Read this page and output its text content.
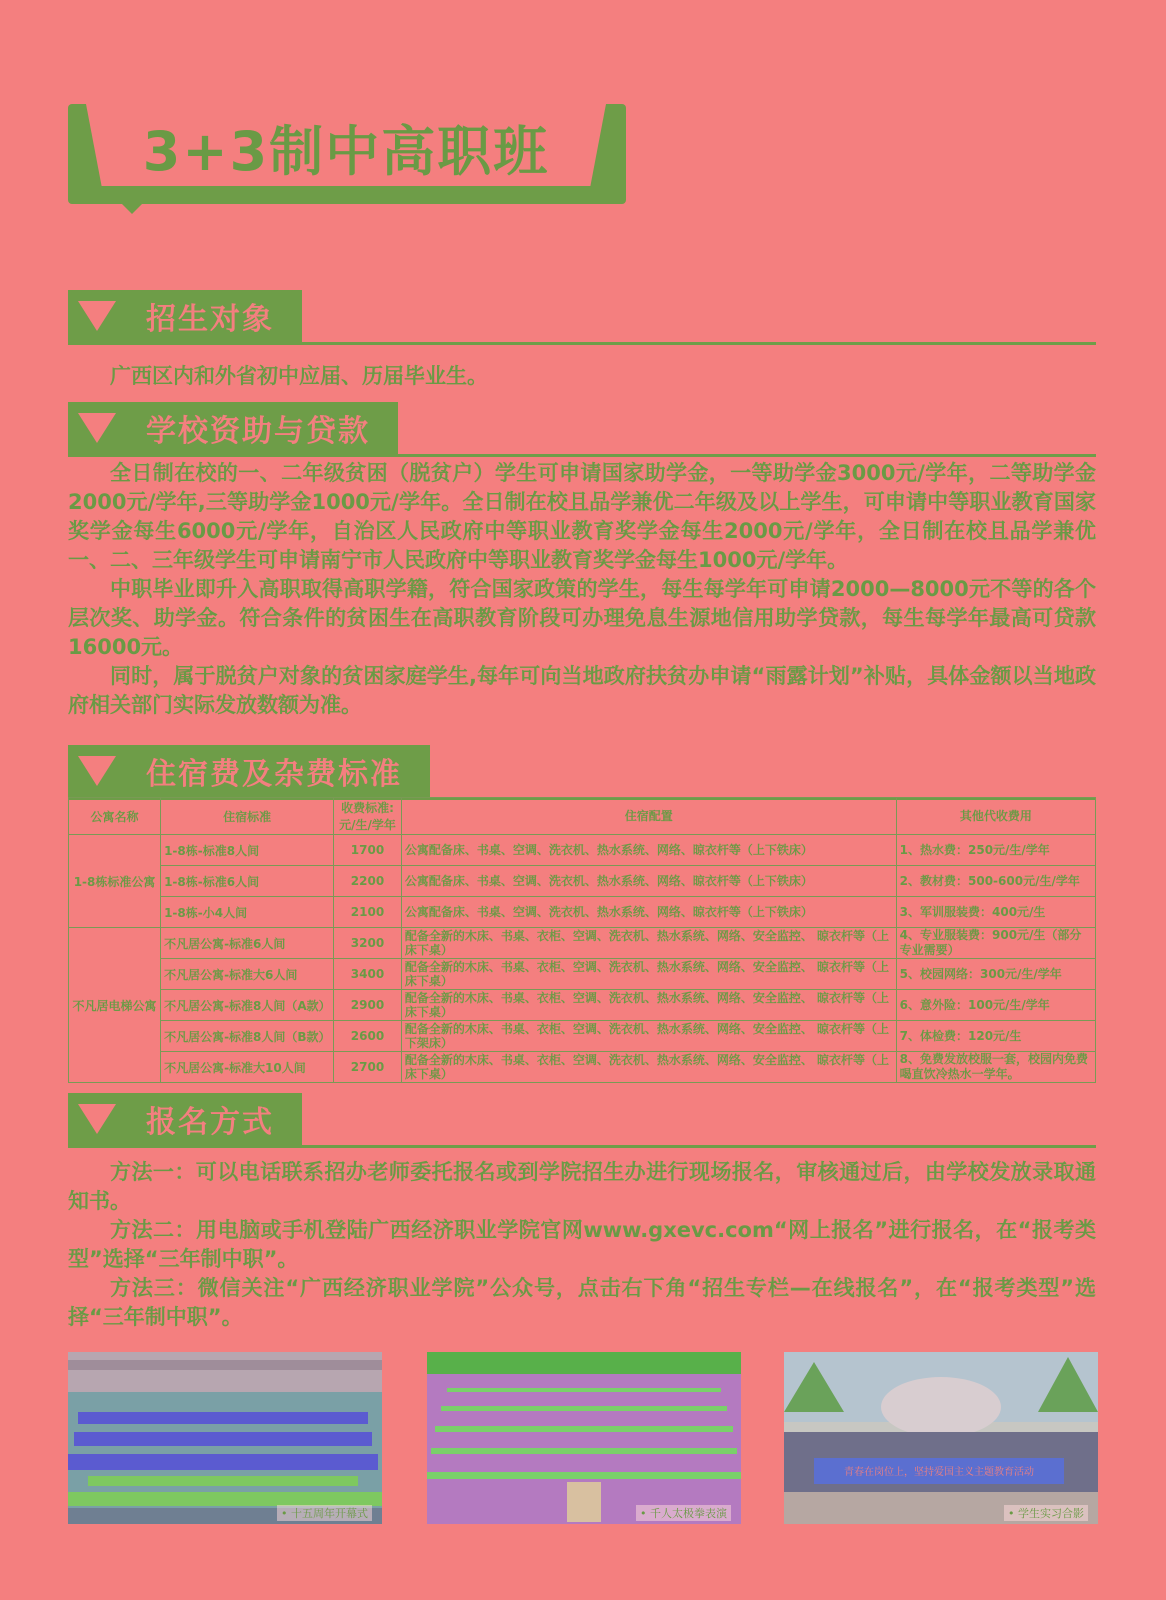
3+3制中高职班
招生对象

广西区内和外省初中应届、历届毕业生。

学校资助与贷款

全日制在校的一、二年级贫困（脱贫户）学生可申请国家助学金，一等助学金3000元/学年，二等助学金2000元/学年,三等助学金1000元/学年。全日制在校且品学兼优二年级及以上学生，可申请中等职业教育国家奖学金每生6000元/学年，自治区人民政府中等职业教育奖学金每生2000元/学年，全日制在校且品学兼优一、二、三年级学生可申请南宁市人民政府中等职业教育奖学金每生1000元/学年。

中职毕业即升入高职取得高职学籍，符合国家政策的学生，每生每学年可申请2000—8000元不等的各个层次奖、助学金。符合条件的贫困生在高职教育阶段可办理免息生源地信用助学贷款，每生每学年最高可贷款16000元。

同时，属于脱贫户对象的贫困家庭学生,每年可向当地政府扶贫办申请“雨露计划”补贴，具体金额以当地政府相关部门实际发放数额为准。

住宿费及杂费标准
公寓名称	住宿标准	收费标准:元/生/学年	住宿配置	其他代收费用
1-8栋标准公寓	1-8栋-标准8人间	1700	公寓配备床、书桌、空调、洗衣机、热水系统、网络、晾衣杆等（上下铁床）	1、热水费：250元/生/学年
	1-8栋-标准6人间	2200	公寓配备床、书桌、空调、洗衣机、热水系统、网络、晾衣杆等（上下铁床）	2、教材费：500-600元/生/学年
	1-8栋-小4人间	2100	公寓配备床、书桌、空调、洗衣机、热水系统、网络、晾衣杆等（上下铁床）	3、军训服装费：400元/生
不凡居电梯公寓	不凡居公寓-标准6人间	3200	配备全新的木床、书桌、衣柜、空调、洗衣机、热水系统、网络、安全监控、 晾衣杆等（上床下桌）	4、专业服装费：900元/生（部分专业需要）
	不凡居公寓-标准大6人间	3400	配备全新的木床、书桌、衣柜、空调、洗衣机、热水系统、网络、安全监控、 晾衣杆等（上床下桌）	5、校园网络：300元/生/学年
	不凡居公寓-标准8人间（A款）	2900	配备全新的木床、书桌、衣柜、空调、洗衣机、热水系统、网络、安全监控、 晾衣杆等（上床下桌）	6、意外险：100元/生/学年
	不凡居公寓-标准8人间（B款）	2600	配备全新的木床、书桌、衣柜、空调、洗衣机、热水系统、网络、安全监控、 晾衣杆等（上下架床）	7、体检费：120元/生
	不凡居公寓-标准大10人间	2700	配备全新的木床、书桌、衣柜、空调、洗衣机、热水系统、网络、安全监控、 晾衣杆等（上床下桌）	8、免费发放校服一套，校园内免费喝直饮冷热水一学年。
报名方式

方法一：可以电话联系招办老师委托报名或到学院招生办进行现场报名，审核通过后，由学校发放录取通知书。

方法二：用电脑或手机登陆广西经济职业学院官网www.gxevc.com“网上报名”进行报名，在“报考类型”选择“三年制中职”。

方法三：微信关注“广西经济职业学院”公众号，点击右下角“招生专栏—在线报名”，在“报考类型”选择“三年制中职”。

• 十五周年开幕式	• 千人太极拳表演
青春在岗位上，坚持爱国主义主题教育活动
• 学生实习合影
